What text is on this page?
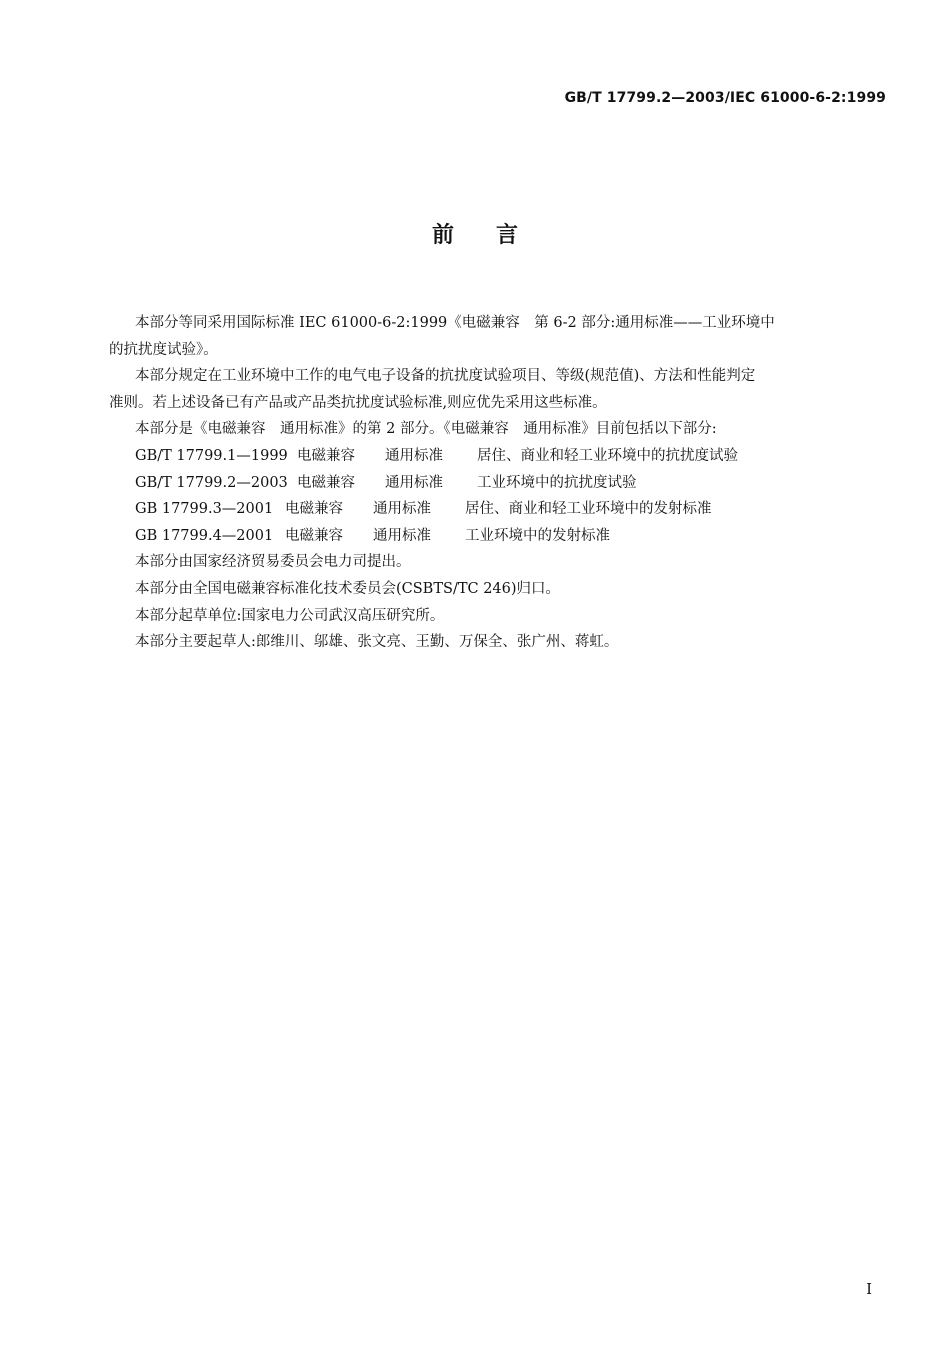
GB/T 17799.2—2003/IEC 61000-6-2:1999
前 言

本部分等同采用国际标准 IEC 61000-6-2:1999《电磁兼容　第 6-2 部分:通用标准——工业环境中
的抗扰度试验》。

本部分规定在工业环境中工作的电气电子设备的抗扰度试验项目、等级(规范值)、方法和性能判定
准则。若上述设备已有产品或产品类抗扰度试验标准,则应优先采用这些标准。

本部分是《电磁兼容　通用标准》的第 2 部分。《电磁兼容　通用标准》目前包括以下部分:

GB/T 17799.1—1999 电磁兼容 通用标准 居住、商业和轻工业环境中的抗扰度试验
GB/T 17799.2—2003 电磁兼容 通用标准 工业环境中的抗扰度试验
GB 17799.3—2001 电磁兼容 通用标准 居住、商业和轻工业环境中的发射标准
GB 17799.4—2001 电磁兼容 通用标准 工业环境中的发射标准

本部分由国家经济贸易委员会电力司提出。

本部分由全国电磁兼容标准化技术委员会(CSBTS/TC 246)归口。

本部分起草单位:国家电力公司武汉高压研究所。

本部分主要起草人:郎维川、邬雄、张文亮、王勤、万保全、张广州、蒋虹。

I
